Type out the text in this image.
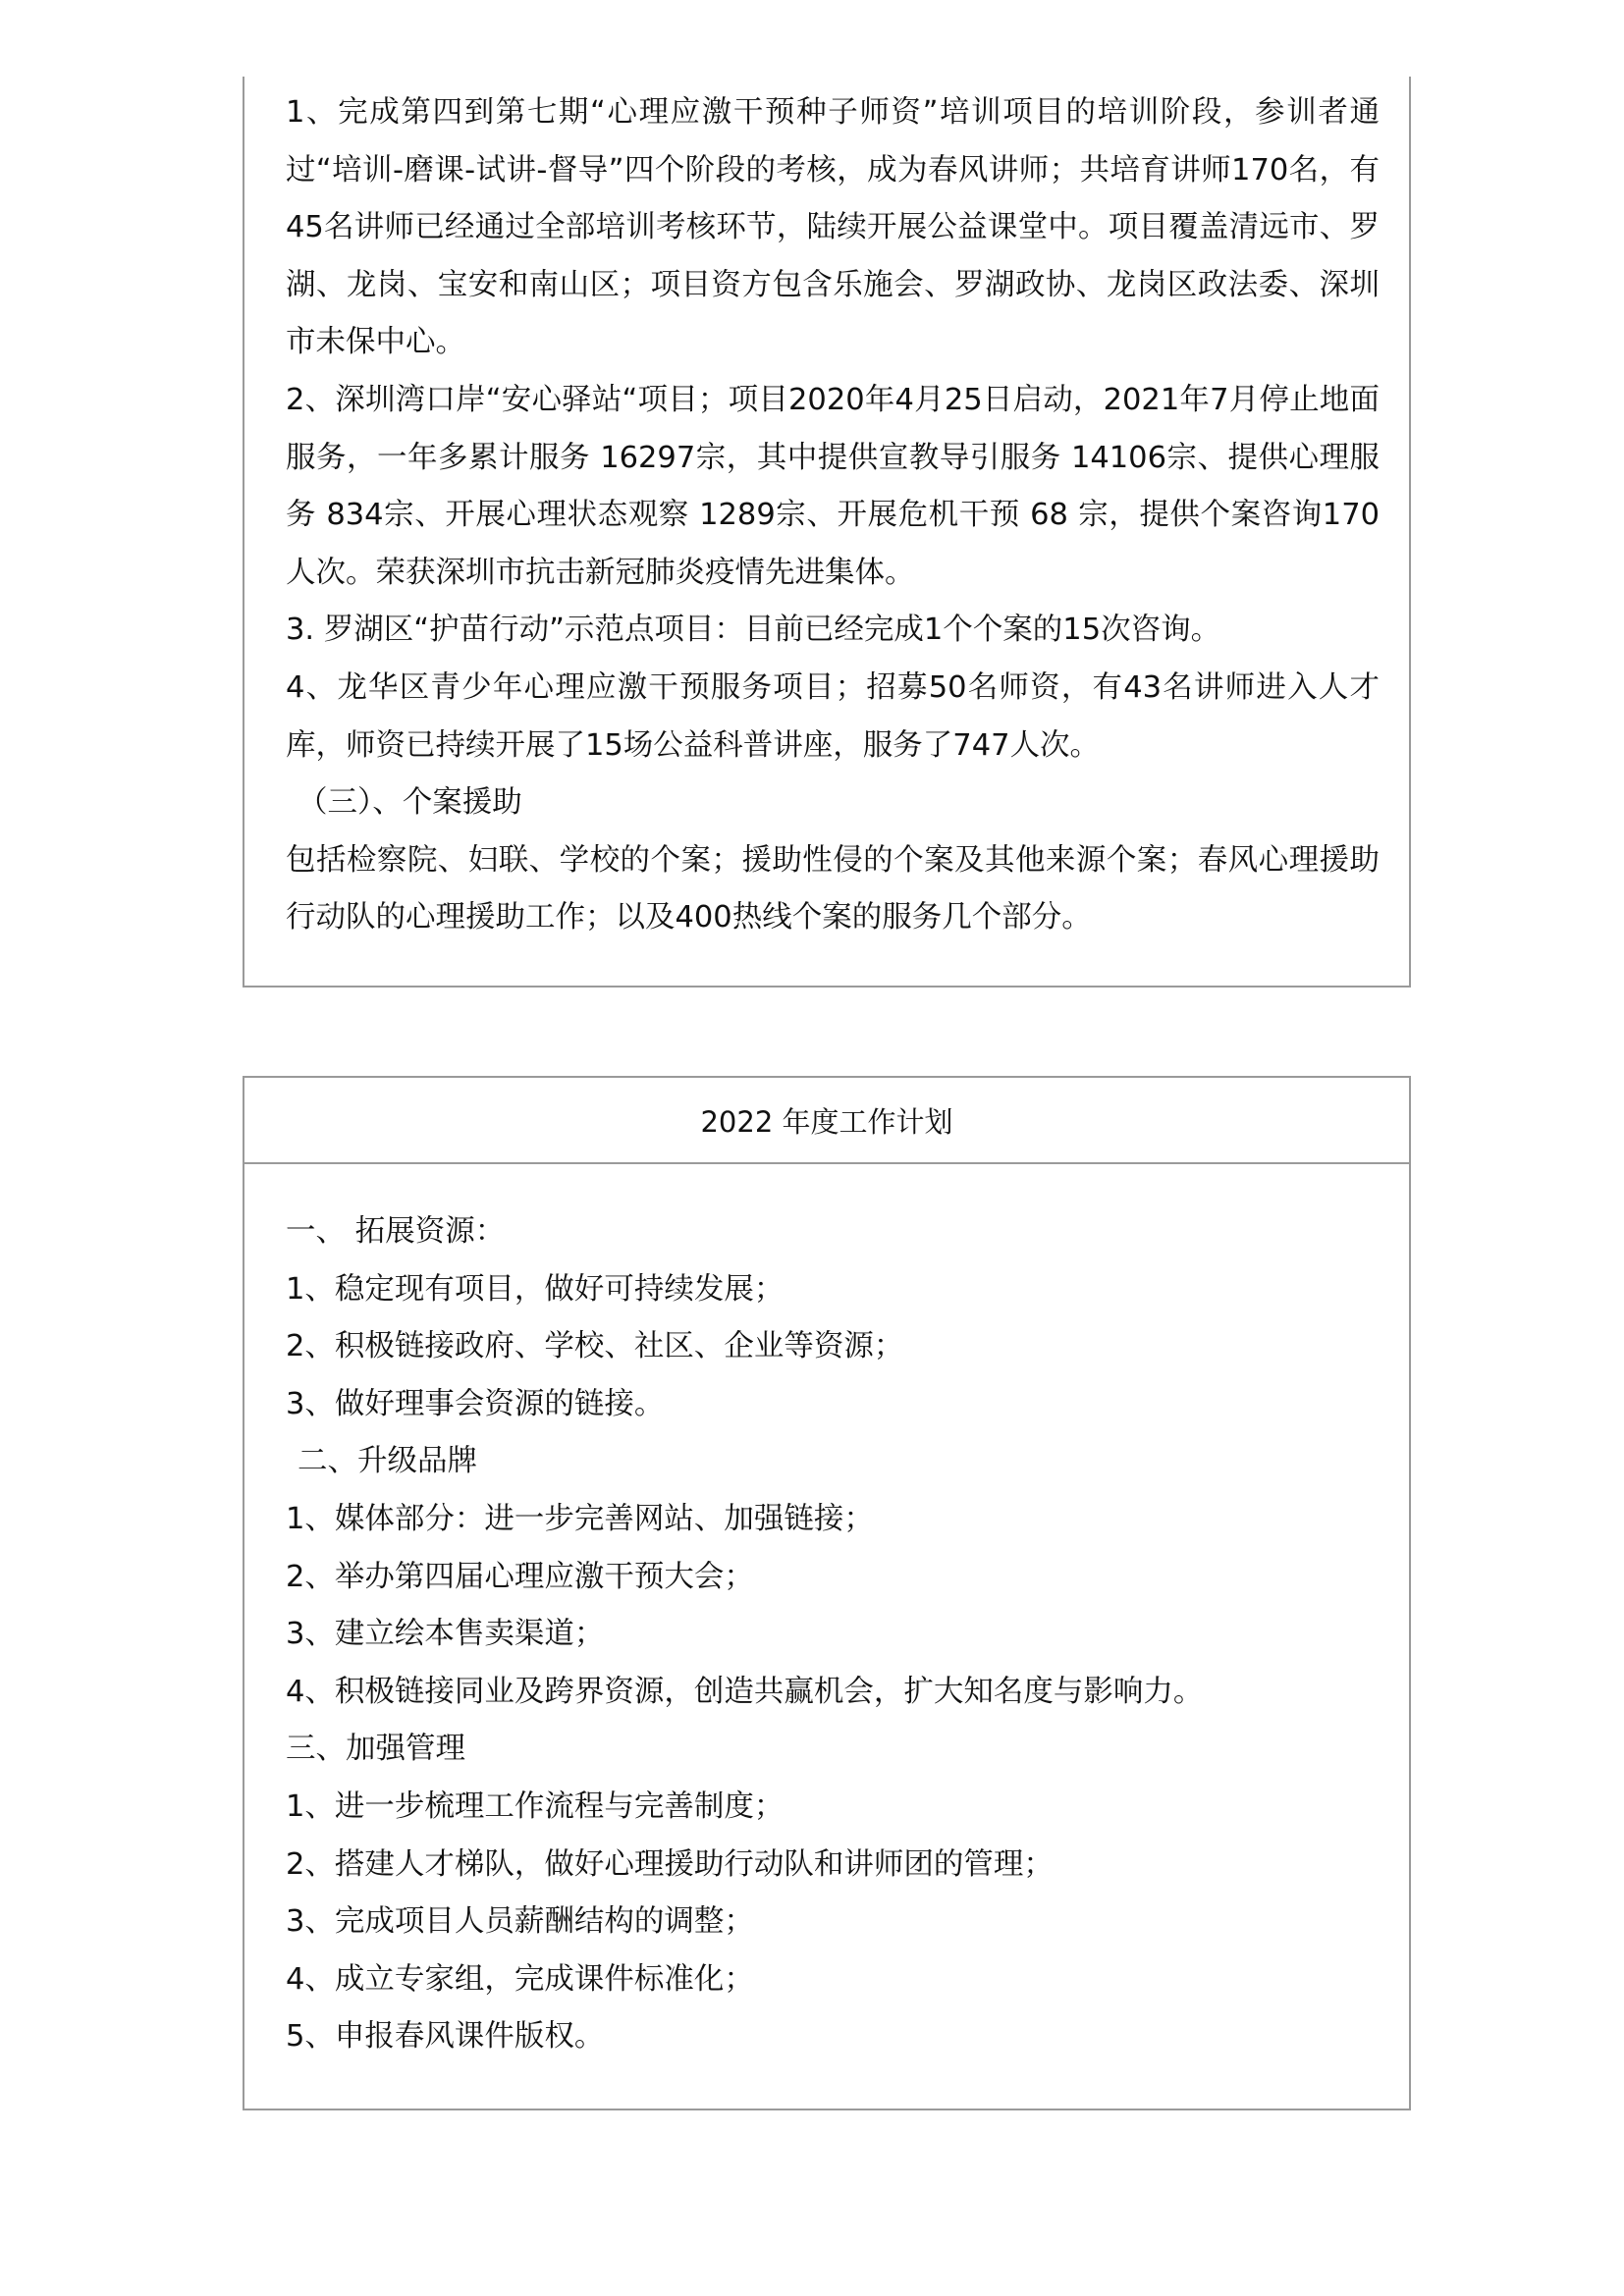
1、完成第四到第七期“心理应激干预种子师资”培训项目的培训阶段，参训者通过“培训-磨课-试讲-督导”四个阶段的考核，成为春风讲师；共培育讲师170名，有45名讲师已经通过全部培训考核环节，陆续开展公益课堂中。项目覆盖清远市、罗湖、龙岗、宝安和南山区；项目资方包含乐施会、罗湖政协、龙岗区政法委、深圳市未保中心。

2、深圳湾口岸“安心驿站“项目；项目2020年4月25日启动，2021年7月停止地面服务，一年多累计服务 16297宗，其中提供宣教导引服务 14106宗、提供心理服务 834宗、开展心理状态观察 1289宗、开展危机干预 68 宗，提供个案咨询170人次。荣获深圳市抗击新冠肺炎疫情先进集体。

3. 罗湖区“护苗行动”示范点项目：目前已经完成1个个案的15次咨询。

4、龙华区青少年心理应激干预服务项目；招募50名师资，有43名讲师进入人才库，师资已持续开展了15场公益科普讲座，服务了747人次。

（三）、个案援助

包括检察院、妇联、学校的个案；援助性侵的个案及其他来源个案；春风心理援助行动队的心理援助工作；以及400热线个案的服务几个部分。

2022 年度工作计划

一、 拓展资源：

1、稳定现有项目，做好可持续发展；

2、积极链接政府、学校、社区、企业等资源；

3、做好理事会资源的链接。

二、升级品牌

1、媒体部分：进一步完善网站、加强链接；

2、举办第四届心理应激干预大会；

3、建立绘本售卖渠道；

4、积极链接同业及跨界资源，创造共赢机会，扩大知名度与影响力。

三、加强管理

1、进一步梳理工作流程与完善制度；

2、搭建人才梯队，做好心理援助行动队和讲师团的管理；

3、完成项目人员薪酬结构的调整；

4、成立专家组，完成课件标准化；

5、申报春风课件版权。
